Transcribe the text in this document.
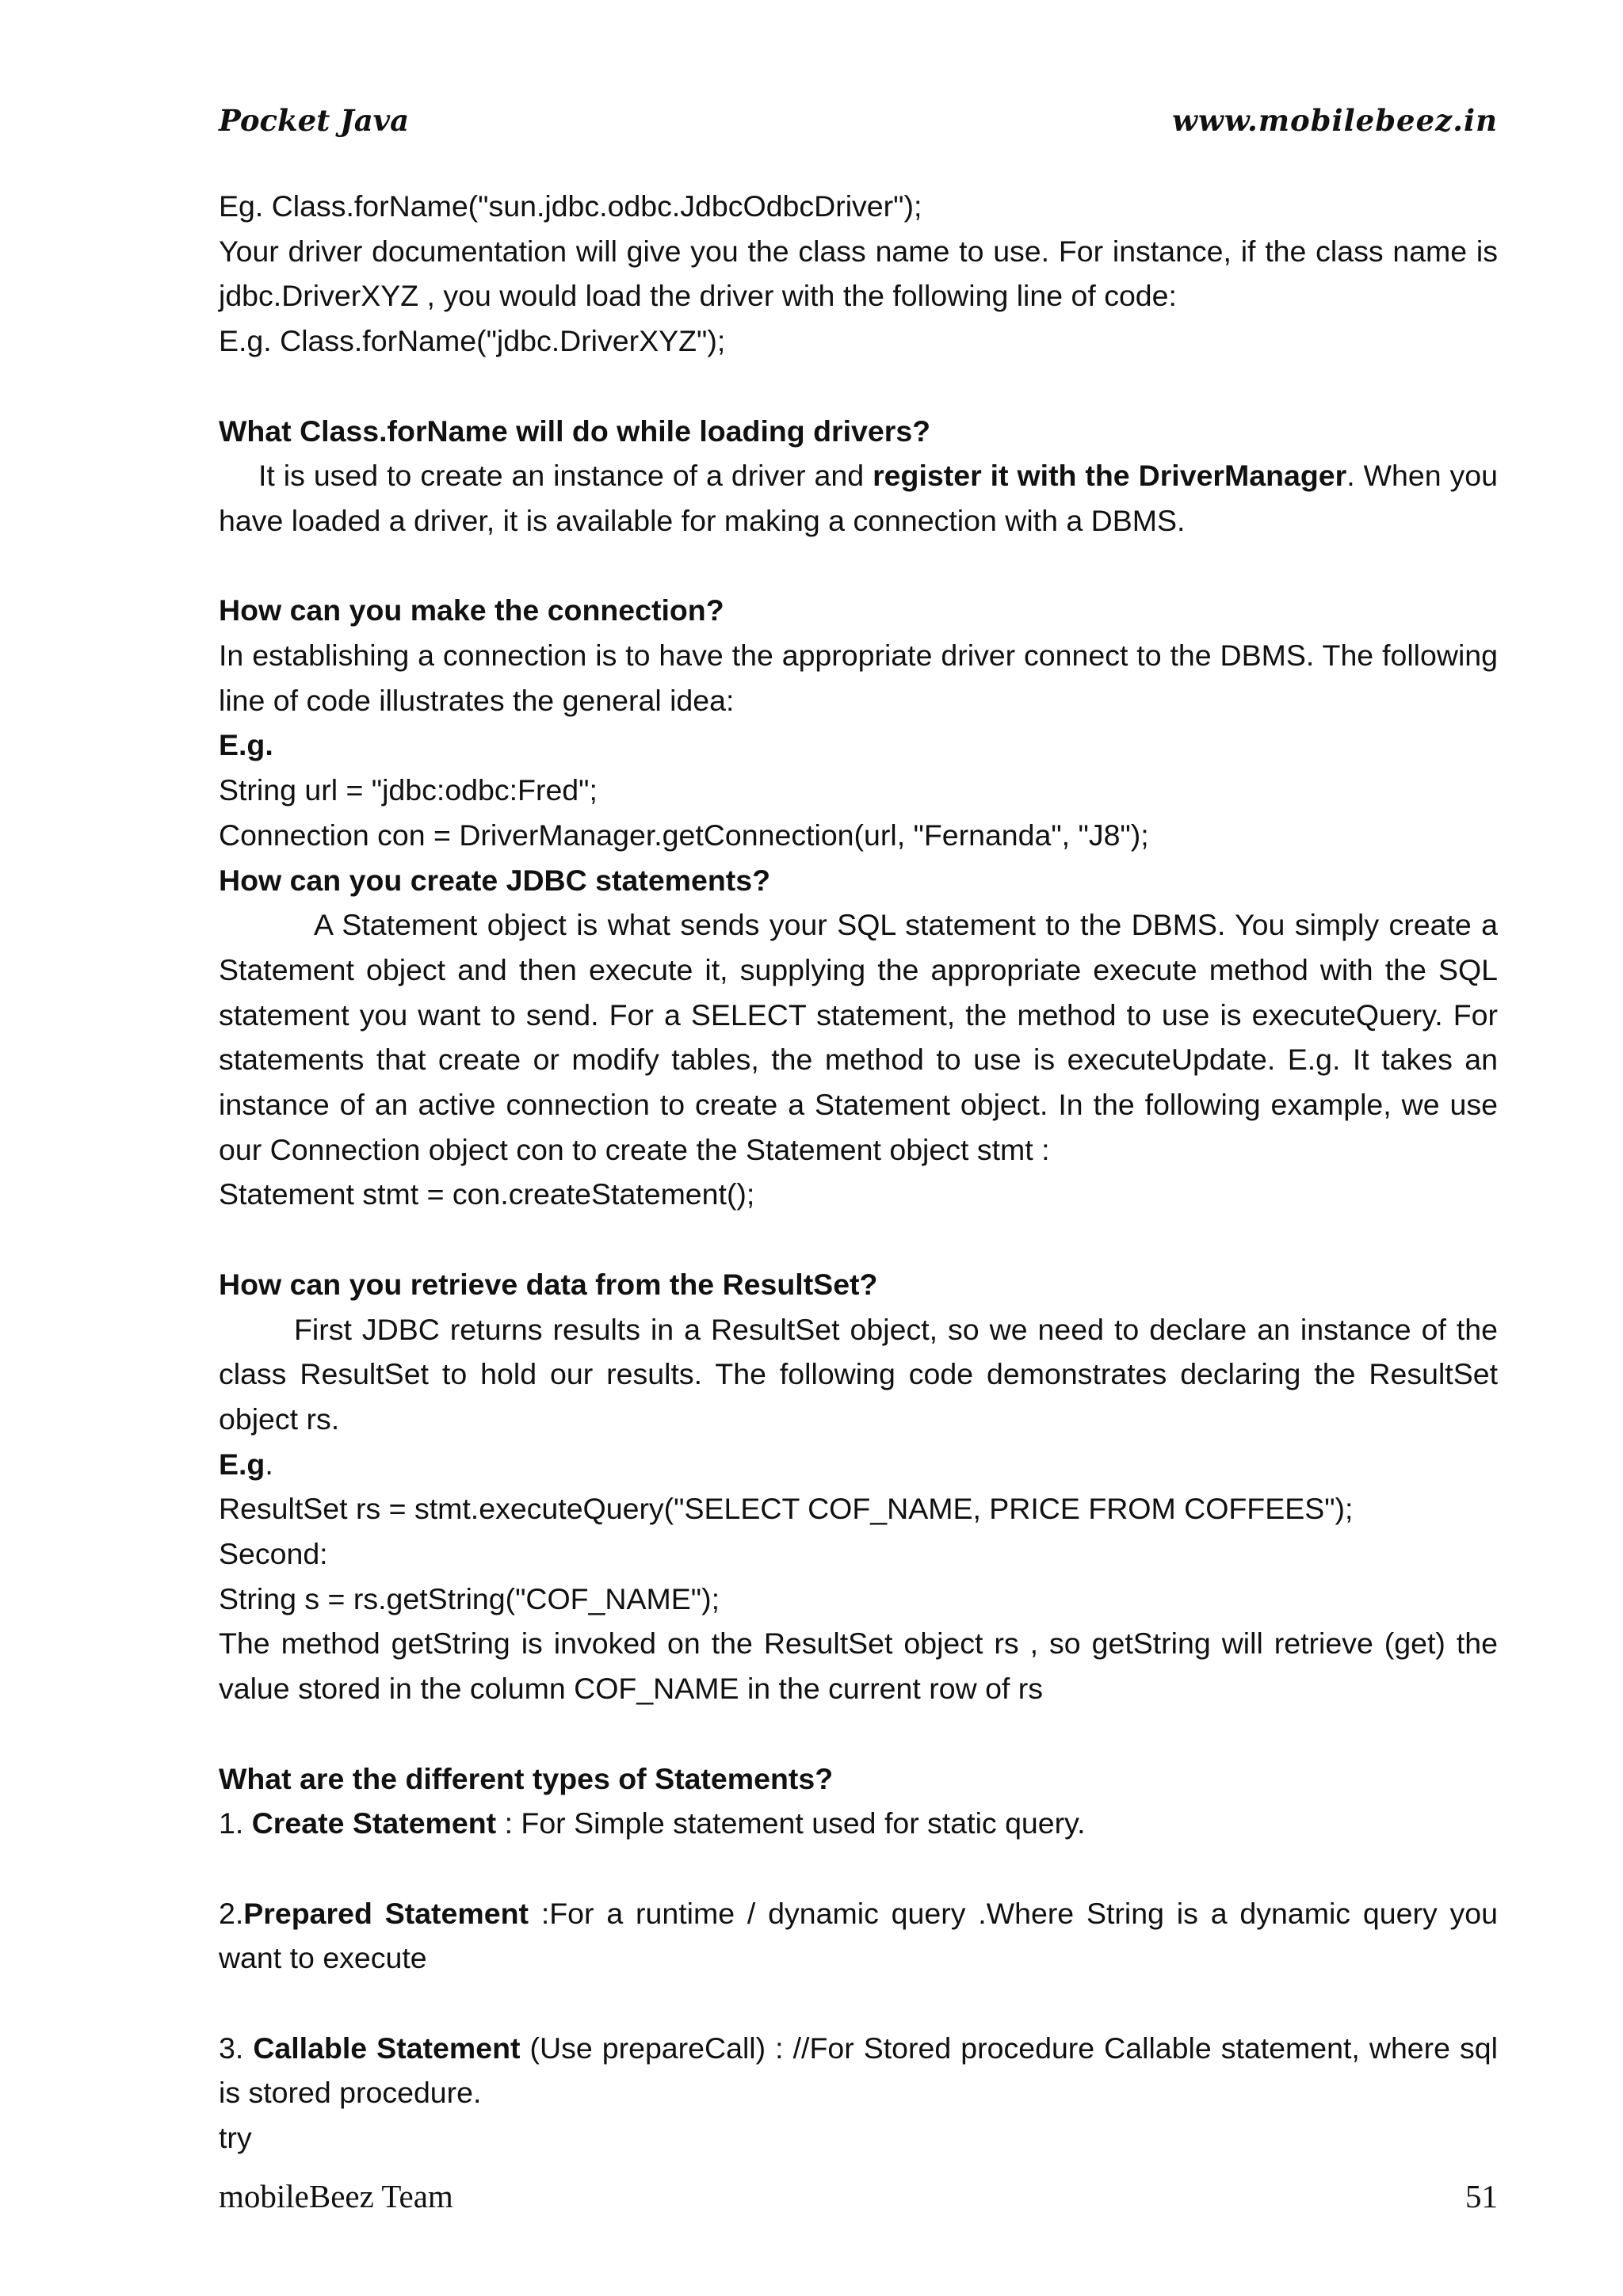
Pocket Java	www.mobilebeez.in

Eg. Class.forName("sun.jdbc.odbc.JdbcOdbcDriver");

Your driver documentation will give you the class name to use. For instance, if the class name is jdbc.DriverXYZ , you would load the driver with the following line of code:

E.g. Class.forName("jdbc.DriverXYZ");

What Class.forName will do while loading drivers?

It is used to create an instance of a driver and register it with the DriverManager. When you have loaded a driver, it is available for making a connection with a DBMS.

How can you make the connection?

In establishing a connection is to have the appropriate driver connect to the DBMS. The following line of code illustrates the general idea:

E.g.

String url = "jdbc:odbc:Fred";

Connection con = DriverManager.getConnection(url, "Fernanda", "J8");

How can you create JDBC statements?

A Statement object is what sends your SQL statement to the DBMS. You simply create a Statement object and then execute it, supplying the appropriate execute method with the SQL statement you want to send. For a SELECT statement, the method to use is executeQuery. For statements that create or modify tables, the method to use is executeUpdate. E.g. It takes an instance of an active connection to create a Statement object. In the following example, we use our Connection object con to create the Statement object stmt :

Statement stmt = con.createStatement();

How can you retrieve data from the ResultSet?

First JDBC returns results in a ResultSet object, so we need to declare an instance of the class ResultSet to hold our results. The following code demonstrates declaring the ResultSet object rs.

E.g.

ResultSet rs = stmt.executeQuery("SELECT COF_NAME, PRICE FROM COFFEES");

Second:

String s = rs.getString("COF_NAME");

The method getString is invoked on the ResultSet object rs , so getString will retrieve (get) the value stored in the column COF_NAME in the current row of rs

What are the different types of Statements?

1. Create Statement : For Simple statement used for static query.

2.Prepared Statement :For a runtime / dynamic query .Where String is a dynamic query you want to execute

3. Callable Statement (Use prepareCall) : //For Stored procedure Callable statement, where sql is stored procedure.

try

mobileBeez Team	51
